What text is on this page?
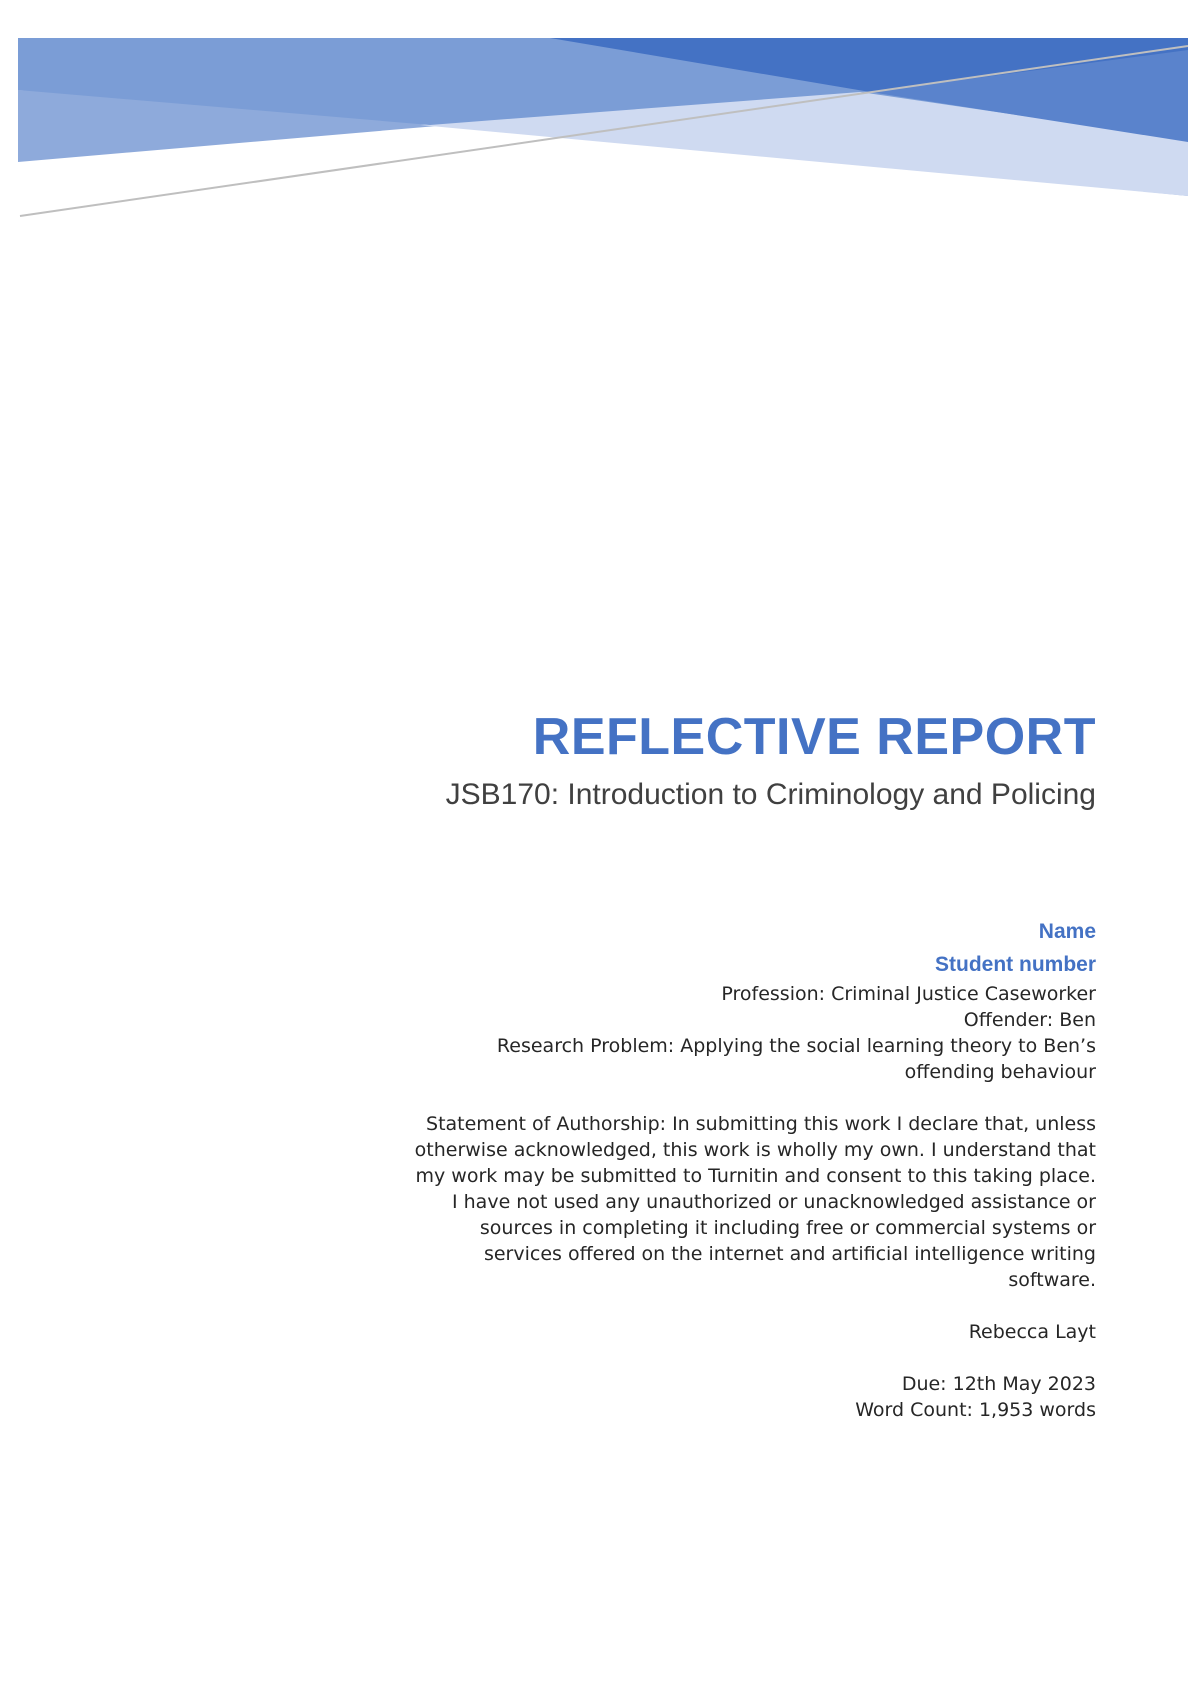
REFLECTIVE REPORT
JSB170: Introduction to Criminology and Policing
Name
Student number
Profession: Criminal Justice Caseworker
Offender: Ben
Research Problem: Applying the social learning theory to Ben’s
offending behaviour
Statement of Authorship: In submitting this work I declare that, unless
otherwise acknowledged, this work is wholly my own. I understand that
my work may be submitted to Turnitin and consent to this taking place.
I have not used any unauthorized or unacknowledged assistance or
sources in completing it including free or commercial systems or
services offered on the internet and artificial intelligence writing
software.
Rebecca Layt
Due: 12th May 2023
Word Count: 1,953 words
